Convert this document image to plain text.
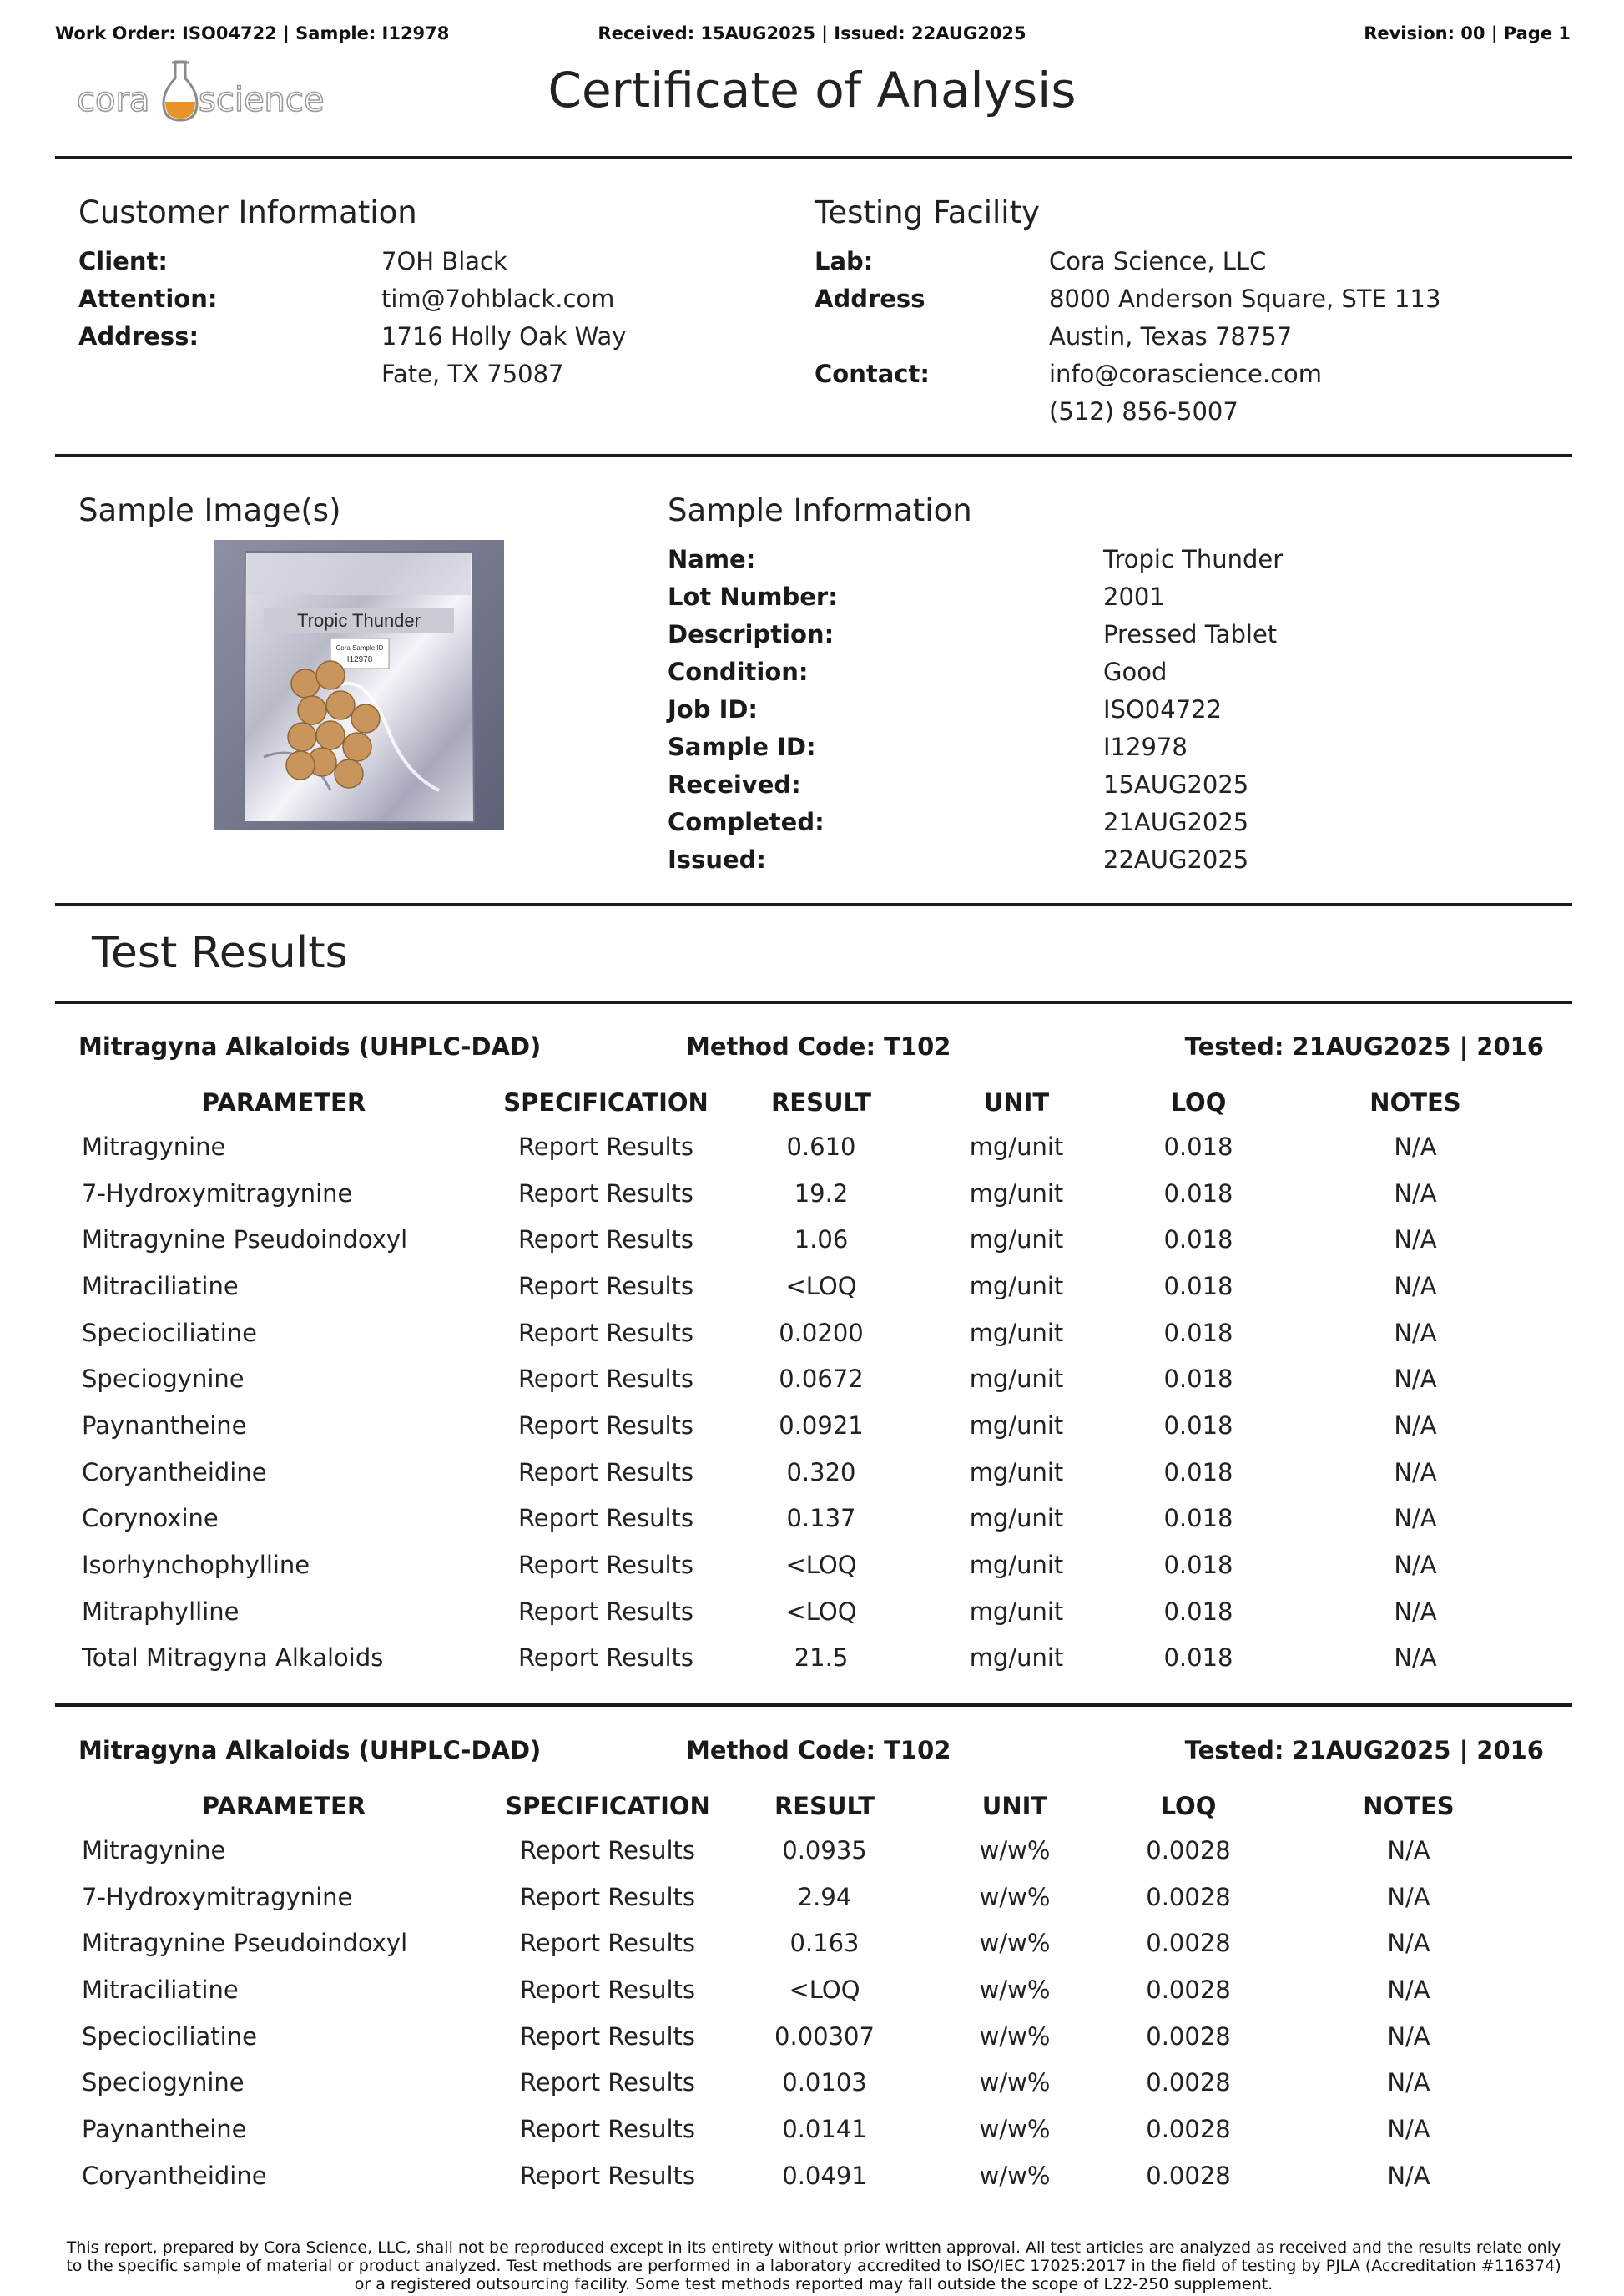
Work Order: ISO04722 | Sample: I12978	Received: 15AUG2025 | Issued: 22AUG2025	Revision: 00 | Page 1
cora science	Certificate of Analysis
Customer Information
Client:	7OH Black
Attention:	tim@7ohblack.com
Address:	1716 Holly Oak Way
Fate, TX 75087
Testing Facility
Lab:	Cora Science, LLC
Address	8000 Anderson Square, STE 113
Austin, Texas 78757
Contact:	info@corascience.com
(512) 856-5007
Sample Image(s)
Tropic Thunder
Cora Sample ID
I12978
Sample Information
Name:	Tropic Thunder
Lot Number:	2001
Description:	Pressed Tablet
Condition:	Good
Job ID:	ISO04722
Sample ID:	I12978
Received:	15AUG2025
Completed:	21AUG2025
Issued:	22AUG2025
Test Results
Mitragyna Alkaloids (UHPLC-DAD)	Method Code: T102	Tested: 21AUG2025 | 2016
PARAMETER	SPECIFICATION	RESULT	UNIT	LOQ	NOTES
Mitragynine	Report Results	0.610	mg/unit	0.018	N/A
7-Hydroxymitragynine	Report Results	19.2	mg/unit	0.018	N/A
Mitragynine Pseudoindoxyl	Report Results	1.06	mg/unit	0.018	N/A
Mitraciliatine	Report Results	<LOQ	mg/unit	0.018	N/A
Speciociliatine	Report Results	0.0200	mg/unit	0.018	N/A
Speciogynine	Report Results	0.0672	mg/unit	0.018	N/A
Paynantheine	Report Results	0.0921	mg/unit	0.018	N/A
Coryantheidine	Report Results	0.320	mg/unit	0.018	N/A
Corynoxine	Report Results	0.137	mg/unit	0.018	N/A
Isorhynchophylline	Report Results	<LOQ	mg/unit	0.018	N/A
Mitraphylline	Report Results	<LOQ	mg/unit	0.018	N/A
Total Mitragyna Alkaloids	Report Results	21.5	mg/unit	0.018	N/A
Mitragyna Alkaloids (UHPLC-DAD)	Method Code: T102	Tested: 21AUG2025 | 2016
PARAMETER	SPECIFICATION	RESULT	UNIT	LOQ	NOTES
Mitragynine	Report Results	0.0935	w/w%	0.0028	N/A
7-Hydroxymitragynine	Report Results	2.94	w/w%	0.0028	N/A
Mitragynine Pseudoindoxyl	Report Results	0.163	w/w%	0.0028	N/A
Mitraciliatine	Report Results	<LOQ	w/w%	0.0028	N/A
Speciociliatine	Report Results	0.00307	w/w%	0.0028	N/A
Speciogynine	Report Results	0.0103	w/w%	0.0028	N/A
Paynantheine	Report Results	0.0141	w/w%	0.0028	N/A
Coryantheidine	Report Results	0.0491	w/w%	0.0028	N/A
This report, prepared by Cora Science, LLC, shall not be reproduced except in its entirety without prior written approval. All test articles are analyzed as received and the results relate only
to the specific sample of material or product analyzed. Test methods are performed in a laboratory accredited to ISO/IEC 17025:2017 in the field of testing by PJLA (Accreditation #116374)
or a registered outsourcing facility. Some test methods reported may fall outside the scope of L22-250 supplement.
